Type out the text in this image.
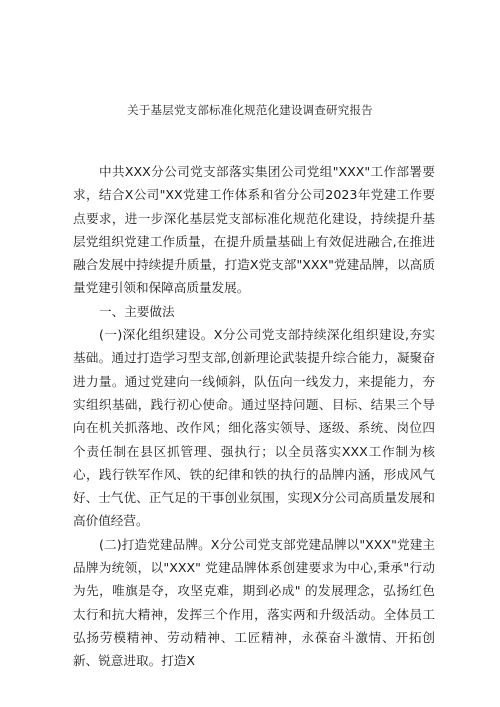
关于基层党支部标准化规范化建设调查研究报告

中共XXX分公司党支部落实集团公司党组"XXX"工作部署要求，结合X公司"XX党建工作体系和省分公司2023年党建工作要点要求，进一步深化基层党支部标准化规范化建设，持续提升基层党组织党建工作质量，在提升质量基础上有效促进融合,在推进融合发展中持续提升质量，打造X党支部"XXX"党建品牌，以高质量党建引领和保障高质量发展。

一、主要做法

(一)深化组织建设。X分公司党支部持续深化组织建设,夯实基础。通过打造学习型支部,创新理论武装提升综合能力，凝聚奋进力量。通过党建向一线倾斜，队伍向一线发力，来提能力，夯实组织基础，践行初心使命。通过坚持问题、目标、结果三个导向在机关抓落地、改作风；细化落实领导、逐级、系统、岗位四个责任制在县区抓管理、强执行；以全员落实XXX工作制为核心，践行铁军作风、铁的纪律和铁的执行的品牌内涵，形成风气好、士气优、正气足的干事创业氛围，实现X分公司高质量发展和高价值经营。

(二)打造党建品牌。X分公司党支部党建品牌以"XXX"党建主品牌为统领，以"XXX" 党建品牌体系创建要求为中心,秉承"行动为先，唯旗是夺，攻坚克难，期到必成" 的发展理念，弘扬红色太行和抗大精神，发挥三个作用，落实两和升级活动。全体员工弘扬劳模精神、劳动精神、工匠精神，永葆奋斗激情、开拓创新、锐意进取。打造X
